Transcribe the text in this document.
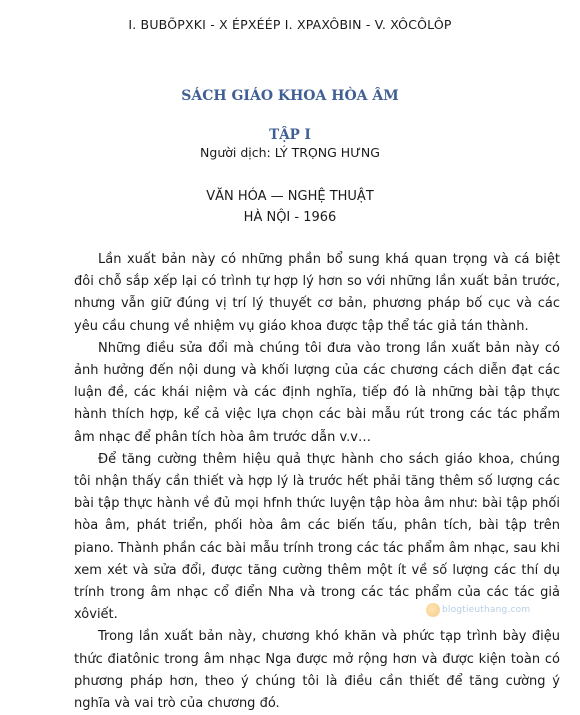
I. BUBÕPXKI - X ÉPXÉÉP I. XPAXÔBIN - V. XÔCÔLÔP
SÁCH GIÁO KHOA HÒA ÂM
TẬP I
Người dịch: LÝ TRỌNG HƯNG
VĂN HÓA — NGHỆ THUẬT
HÀ NỘI - 1966

Lần xuất bản này có những phần bổ sung khá quan trọng và cá biệt đôi chỗ sắp xếp lại có trình tự hợp lý hơn so với những lần xuất bản trước, nhưng vẫn giữ đúng vị trí lý thuyết cơ bản, phương pháp bố cục và các yêu cầu chung về nhiệm vụ giáo khoa được tập thể tác giả tán thành.

Những điều sửa đổi mà chúng tôi đưa vào trong lần xuất bản này có ảnh hưởng đến nội dung và khối lượng của các chương cách diễn đạt các luận đề, các khái niệm và các định nghĩa, tiếp đó là những bài tập thực hành thích hợp, kể cả việc lựa chọn các bài mẫu rút trong các tác phẩm âm nhạc để phân tích hòa âm trước dẫn v.v…

Để tăng cường thêm hiệu quả thực hành cho sách giáo khoa, chúng tôi nhận thấy cần thiết và hợp lý là trước hết phải tăng thêm số lượng các bài tập thực hành về đủ mọi hfnh thức luyện tập hòa âm như: bài tập phối hòa âm, phát triển, phối hòa âm các biến tấu, phân tích, bài tập trên piano. Thành phần các bài mẫu trính trong các tác phẩm âm nhạc, sau khi xem xét và sửa đổi, được tăng cường thêm một ít về số lượng các thí dụ trính trong âm nhạc cổ điển Nha và trong các tác phẩm của các tác giả xôviết.

Trong lần xuất bản này, chương khó khăn và phức tạp trình bày điệu thức điatônic trong âm nhạc Nga được mở rộng hơn và được kiện toàn có phương pháp hơn, theo ý chúng tôi là điều cần thiết để tăng cường ý nghĩa và vai trò của chương đó.

blogtieuthang.com
